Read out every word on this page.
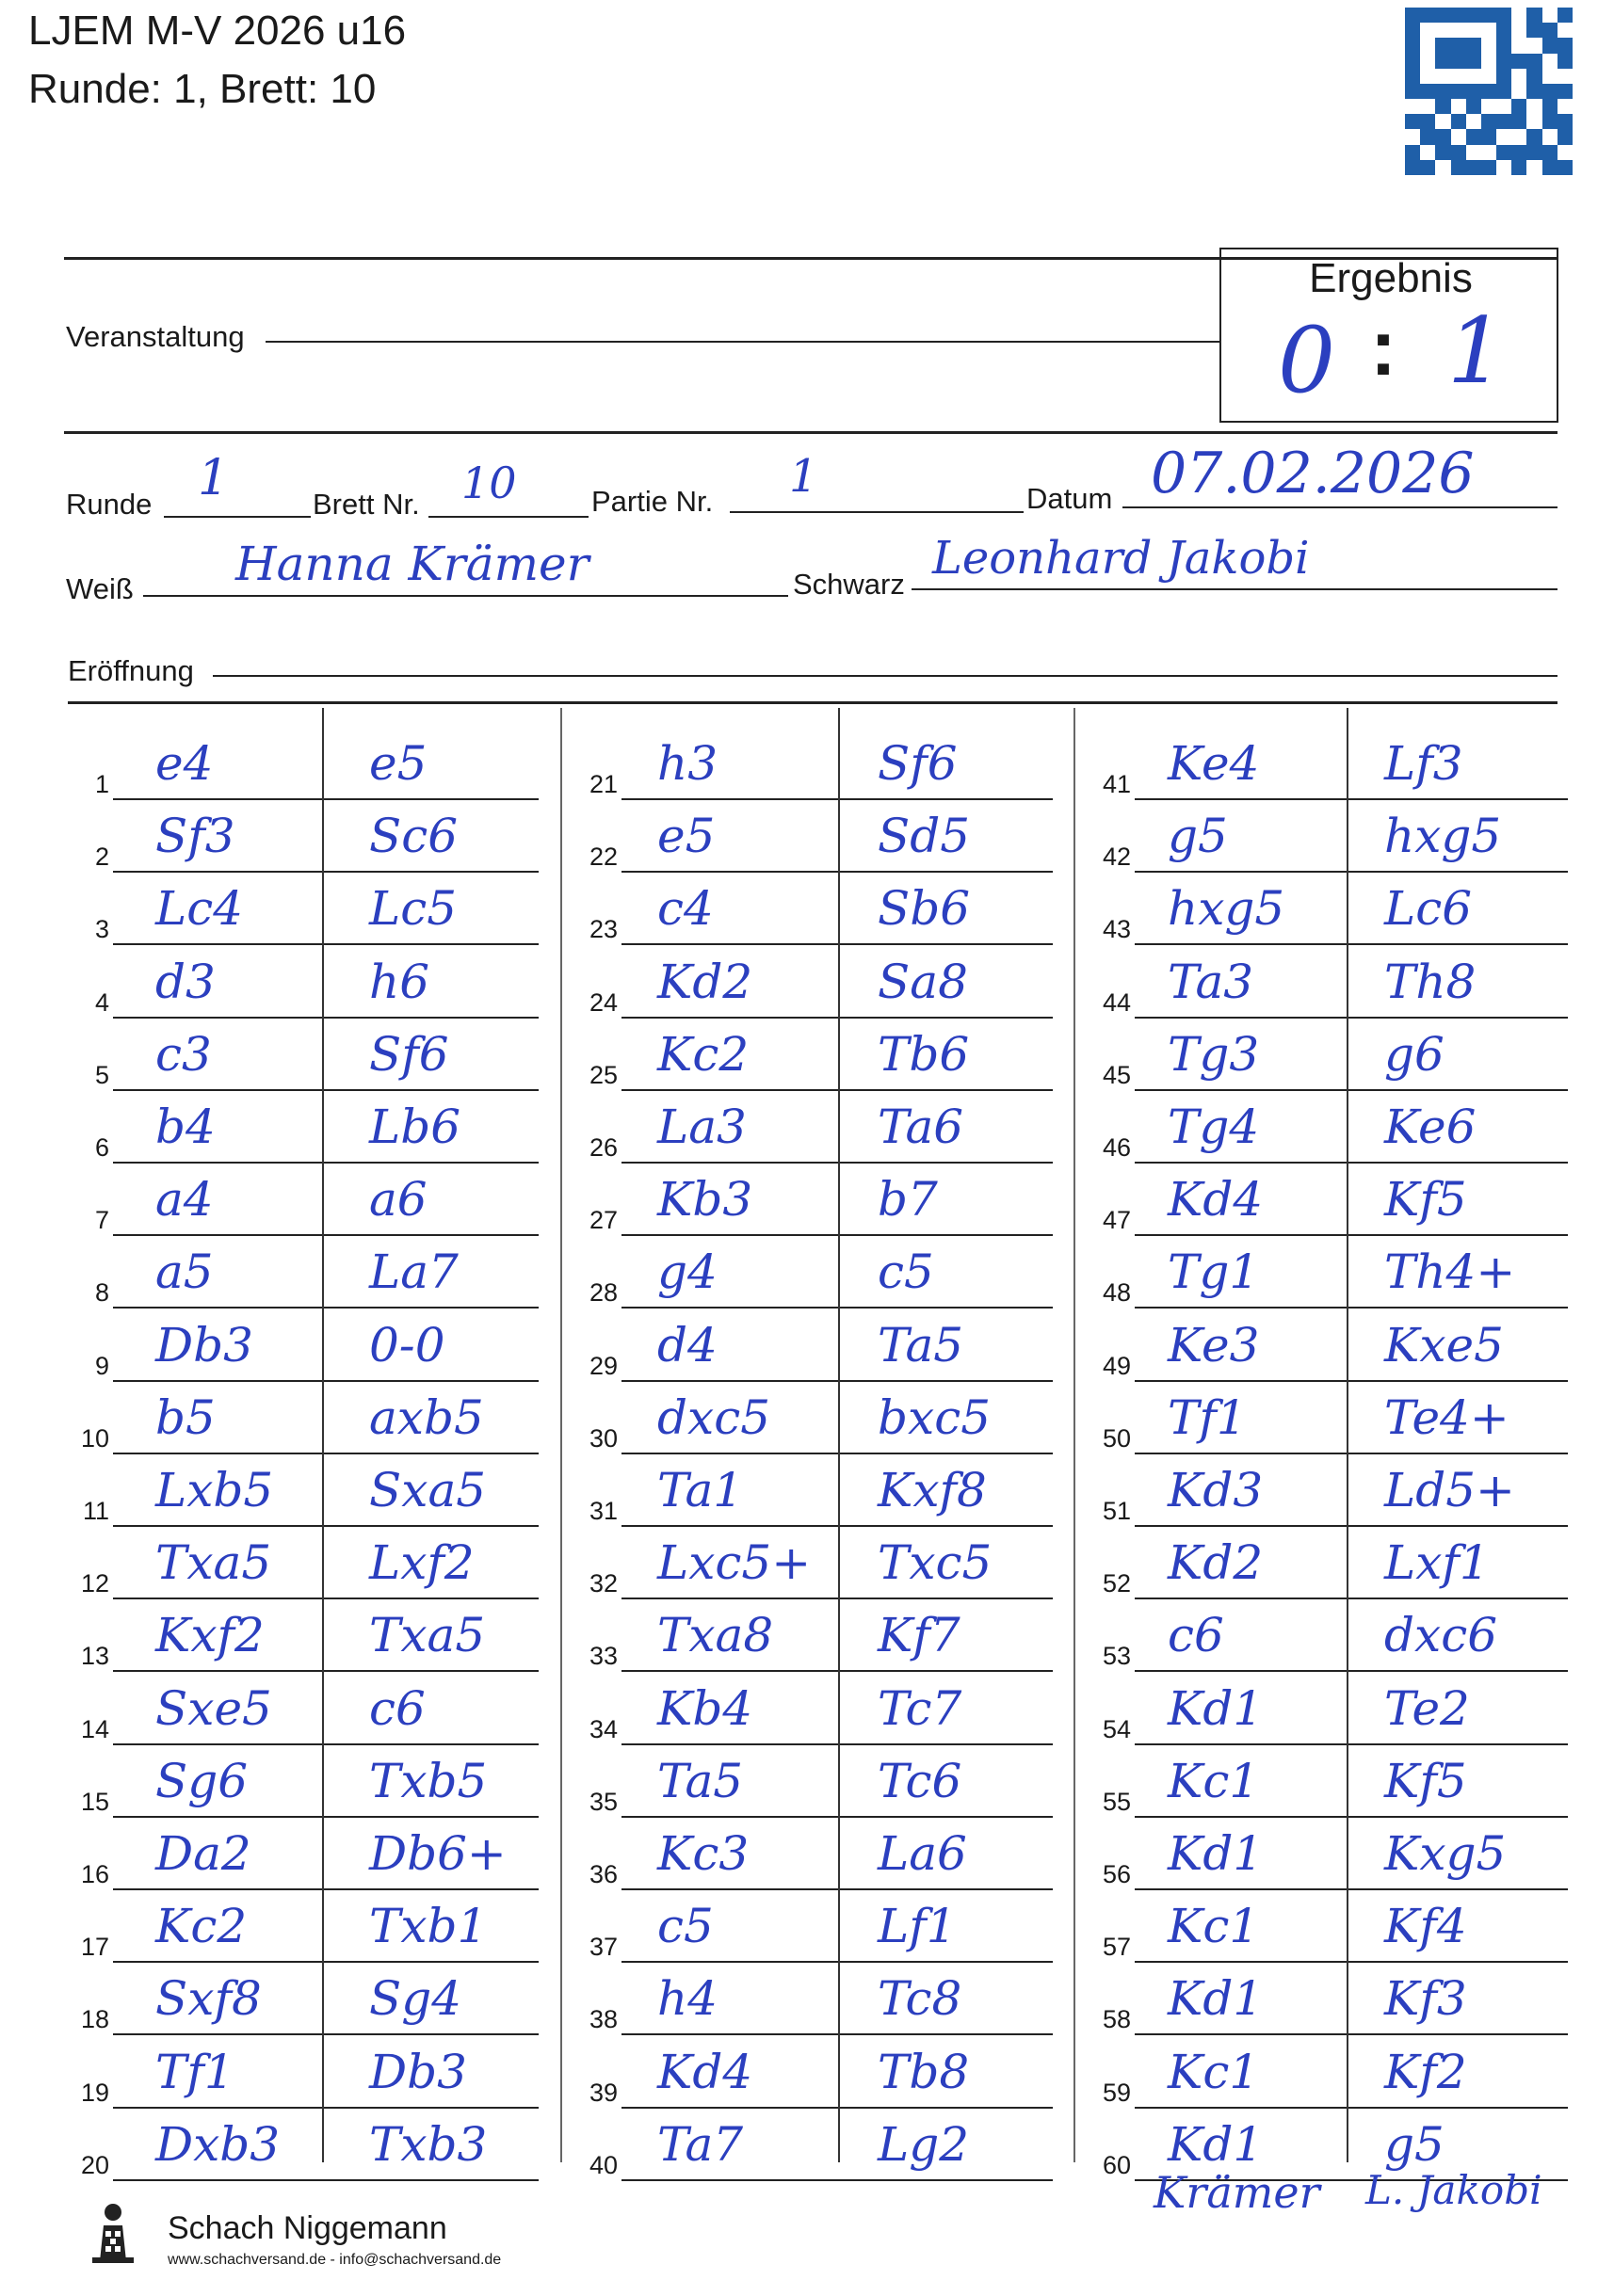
LJEM M-V 2026 u16
Runde: 1, Brett: 10
Ergebnis
0 : 1
Veranstaltung
Runde 1	Brett Nr. 10	Partie Nr. 1	Datum 07.02.2026
Weiß Hanna Krämer	Schwarz Leonhard Jakobi
Eröffnung
1 e4	e5
2 Sf3	Sc6
3 Lc4	Lc5
4 d3	h6
5 c3	Sf6
6 b4	Lb6
7 a4	a6
8 a5	La7
9 Db3 0-0
10 b5	axb5
11 Lxb5 Sxa5
12 Txa5 Lxf2
13 Kxf2 Txa5
14 Sxe5 c6
15 Sg6	Txb5
16 Da2	Db6+
17 Kc2	Txb1
18 Sxf8 Sg4
19 Tf1	Db3
20 Dxb3 Txb3
21 h3	Sf6
22 e5	Sd5
23 c4	Sb6
24 Kd2	Sa8
25 Kc2	Tb6
26 La3	Ta6
27 Kb3	b7
28 g4	c5
29 d4	Ta5
30 dxc5 bxc5
31 Ta1	Kxf8
32 Lxc5+ Txc5
33 Txa8 Kf7
34 Kb4	Tc7
35 Ta5	Tc6
36 Kc3	La6
37 c5	Lf1
38 h4	Tc8
39 Kd4	Tb8
40 Ta7	Lg2
41 Ke4	Lf3
42 g5	hxg5
43 hxg5 Lc6
44 Ta3	Th8
45 Tg3	g6
46 Tg4	Ke6
47 Kd4	Kf5
48 Tg1	Th4+
49 Ke3	Kxe5
50 Tf1	Te4+
51 Kd3	Ld5+
52 Kd2	Lxf1
53 c6	dxc6
54 Kd1	Te2
55 Kc1	Kf5
56 Kd1	Kxg5
57 Kc1	Kf4
58 Kd1	Kf3
59 Kc1	Kf2
60 Kd1	g5
Krämer L. Jakobi
Schach Niggemann
www.schachversand.de - info@schachversand.de
